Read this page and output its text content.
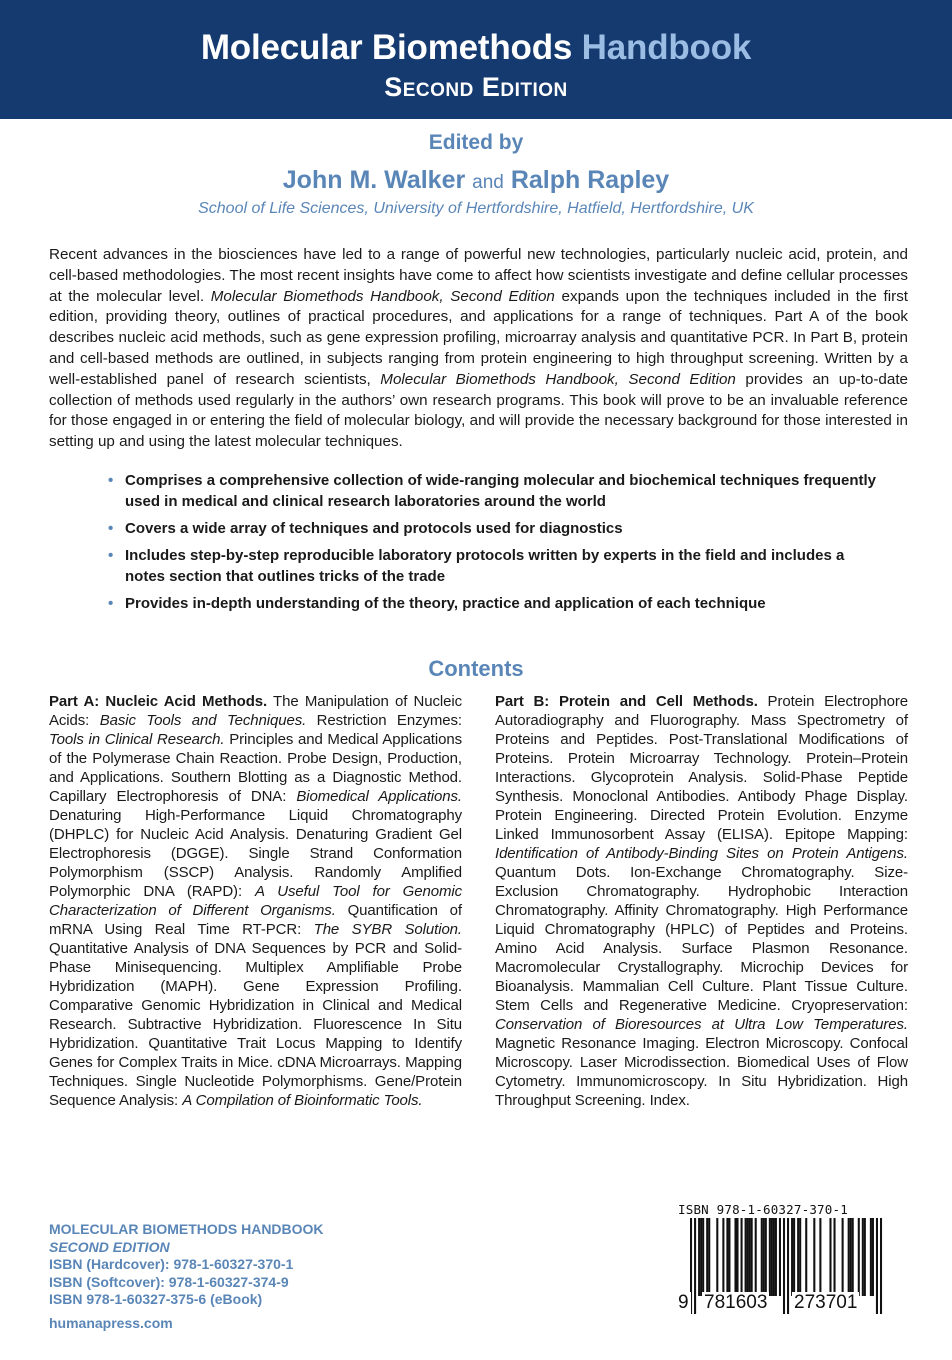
Molecular Biomethods Handbook
Second Edition
Edited by
John M. Walker and Ralph Rapley
School of Life Sciences, University of Hertfordshire, Hatfield, Hertfordshire, UK

Recent advances in the biosciences have led to a range of powerful new technologies, particularly nucleic acid, protein, and cell-based methodologies. The most recent insights have come to affect how scientists investigate and define cellular processes at the molecular level. Molecular Biomethods Handbook, Second Edition expands upon the techniques included in the first edition, providing theory, outlines of practical procedures, and applications for a range of techniques. Part A of the book describes nucleic acid methods, such as gene expression profiling, microarray analysis and quantitative PCR. In Part B, protein and cell-based methods are outlined, in subjects ranging from protein engineering to high throughput screening. Written by a well-established panel of research scientists, Molecular Biomethods Handbook, Second Edition provides an up-to-date collection of methods used regularly in the authors’ own research programs. This book will prove to be an invaluable reference for those engaged in or entering the field of molecular biology, and will provide the necessary background for those interested in setting up and using the latest molecular techniques.

• Comprises a comprehensive collection of wide-ranging molecular and biochemical techniques frequently used in medical and clinical research laboratories around the world
• Covers a wide array of techniques and protocols used for diagnostics
• Includes step-by-step reproducible laboratory protocols written by experts in the field and includes a notes section that outlines tricks of the trade
• Provides in-depth understanding of the theory, practice and application of each technique
Contents

Part A: Nucleic Acid Methods. The Manipulation of Nucleic Acids: Basic Tools and Techniques. Restriction Enzymes: Tools in Clinical Research. Principles and Medical Applications of the Polymerase Chain Reaction. Probe Design, Production, and Applications. Southern Blotting as a Diagnostic Method. Capillary Electrophoresis of DNA: Biomedical Applications. Denaturing High-Performance Liquid Chromatography (DHPLC) for Nucleic Acid Analysis. Denaturing Gradient Gel Electrophoresis (DGGE). Single Strand Conformation Polymorphism (SSCP) Analysis. Randomly Amplified Polymorphic DNA (RAPD): A Useful Tool for Genomic Characterization of Different Organisms. Quantification of mRNA Using Real Time RT-PCR: The SYBR Solution. Quantitative Analysis of DNA Sequences by PCR and Solid-Phase Minisequencing. Multiplex Amplifiable Probe Hybridization (MAPH). Gene Expression Profiling. Comparative Genomic Hybridization in Clinical and Medical Research. Subtractive Hybridization. Fluorescence In Situ Hybridization. Quantitative Trait Locus Mapping to Identify Genes for Complex Traits in Mice. cDNA Microarrays. Mapping Techniques. Single Nucleotide Polymorphisms. Gene/Protein Sequence Analysis: A Compilation of Bioinformatic Tools.

Part B: Protein and Cell Methods. Protein Electrophore Autoradiography and Fluorography. Mass Spectrometry of Proteins and Peptides. Post-Translational Modifications of Proteins. Protein Microarray Technology. Protein–Protein Interactions. Glycoprotein Analysis. Solid-Phase Peptide Synthesis. Monoclonal Antibodies. Antibody Phage Display. Protein Engineering. Directed Protein Evolution. Enzyme Linked Immunosorbent Assay (ELISA). Epitope Mapping: Identification of Antibody-Binding Sites on Protein Antigens. Quantum Dots. Ion-Exchange Chromatography. Size-Exclusion Chromatography. Hydrophobic Interaction Chromatography. Affinity Chromatography. High Performance Liquid Chromatography (HPLC) of Peptides and Proteins. Amino Acid Analysis. Surface Plasmon Resonance. Macromolecular Crystallography. Microchip Devices for Bioanalysis. Mammalian Cell Culture. Plant Tissue Culture. Stem Cells and Regenerative Medicine. Cryopreservation: Conservation of Bioresources at Ultra Low Temperatures. Magnetic Resonance Imaging. Electron Microscopy. Confocal Microscopy. Laser Microdissection. Biomedical Uses of Flow Cytometry. Immunomicroscopy. In Situ Hybridization. High Throughput Screening. Index.

MOLECULAR BIOMETHODS HANDBOOK
SECOND EDITION
ISBN (Hardcover): 978-1-60327-370-1
ISBN (Softcover): 978-1-60327-374-9
ISBN 978-1-60327-375-6 (eBook)
humanapress.com
ISBN 978-1-60327-370-1
9 781603 273701
